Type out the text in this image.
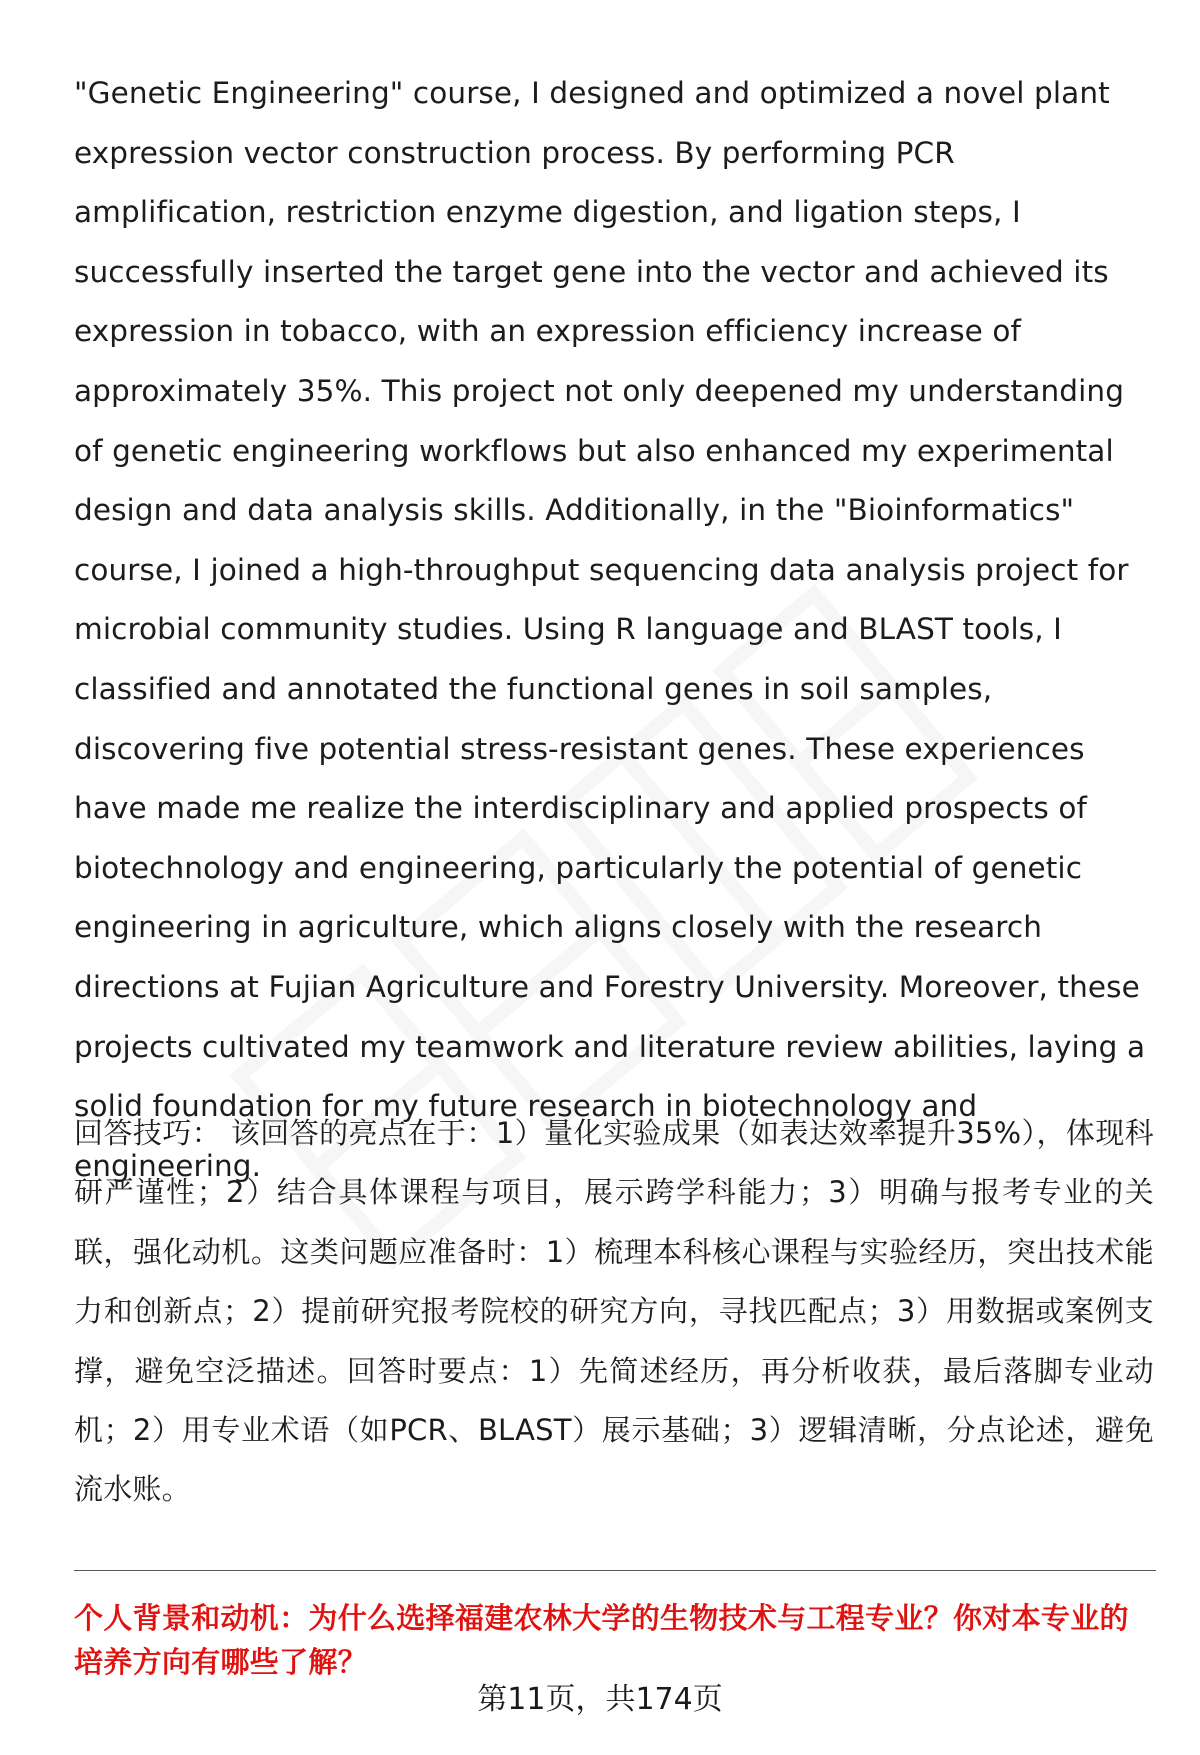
"Genetic Engineering" course, I designed and optimized a novel plant expression vector construction process. By performing PCR amplification, restriction enzyme digestion, and ligation steps, I successfully inserted the target gene into the vector and achieved its expression in tobacco, with an expression efficiency increase of approximately 35%. This project not only deepened my understanding of genetic engineering workflows but also enhanced my experimental design and data analysis skills. Additionally, in the "Bioinformatics" course, I joined a high-throughput sequencing data analysis project for microbial community studies. Using R language and BLAST tools, I classified and annotated the functional genes in soil samples, discovering five potential stress-resistant genes. These experiences have made me realize the interdisciplinary and applied prospects of biotechnology and engineering, particularly the potential of genetic engineering in agriculture, which aligns closely with the research directions at Fujian Agriculture and Forestry University. Moreover, these projects cultivated my teamwork and literature review abilities, laying a solid foundation for my future research in biotechnology and engineering.

回答技巧： 该回答的亮点在于：1）量化实验成果（如表达效率提升35%），体现科研严谨性；2）结合具体课程与项目，展示跨学科能力；3）明确与报考专业的关联，强化动机。这类问题应准备时：1）梳理本科核心课程与实验经历，突出技术能力和创新点；2）提前研究报考院校的研究方向，寻找匹配点；3）用数据或案例支撑，避免空泛描述。回答时要点：1）先简述经历，再分析收获，最后落脚专业动机；2）用专业术语（如PCR、BLAST）展示基础；3）逻辑清晰，分点论述，避免流水账。

个人背景和动机：为什么选择福建农林大学的生物技术与工程专业？你对本专业的培养方向有哪些了解？

第11页，共174页
